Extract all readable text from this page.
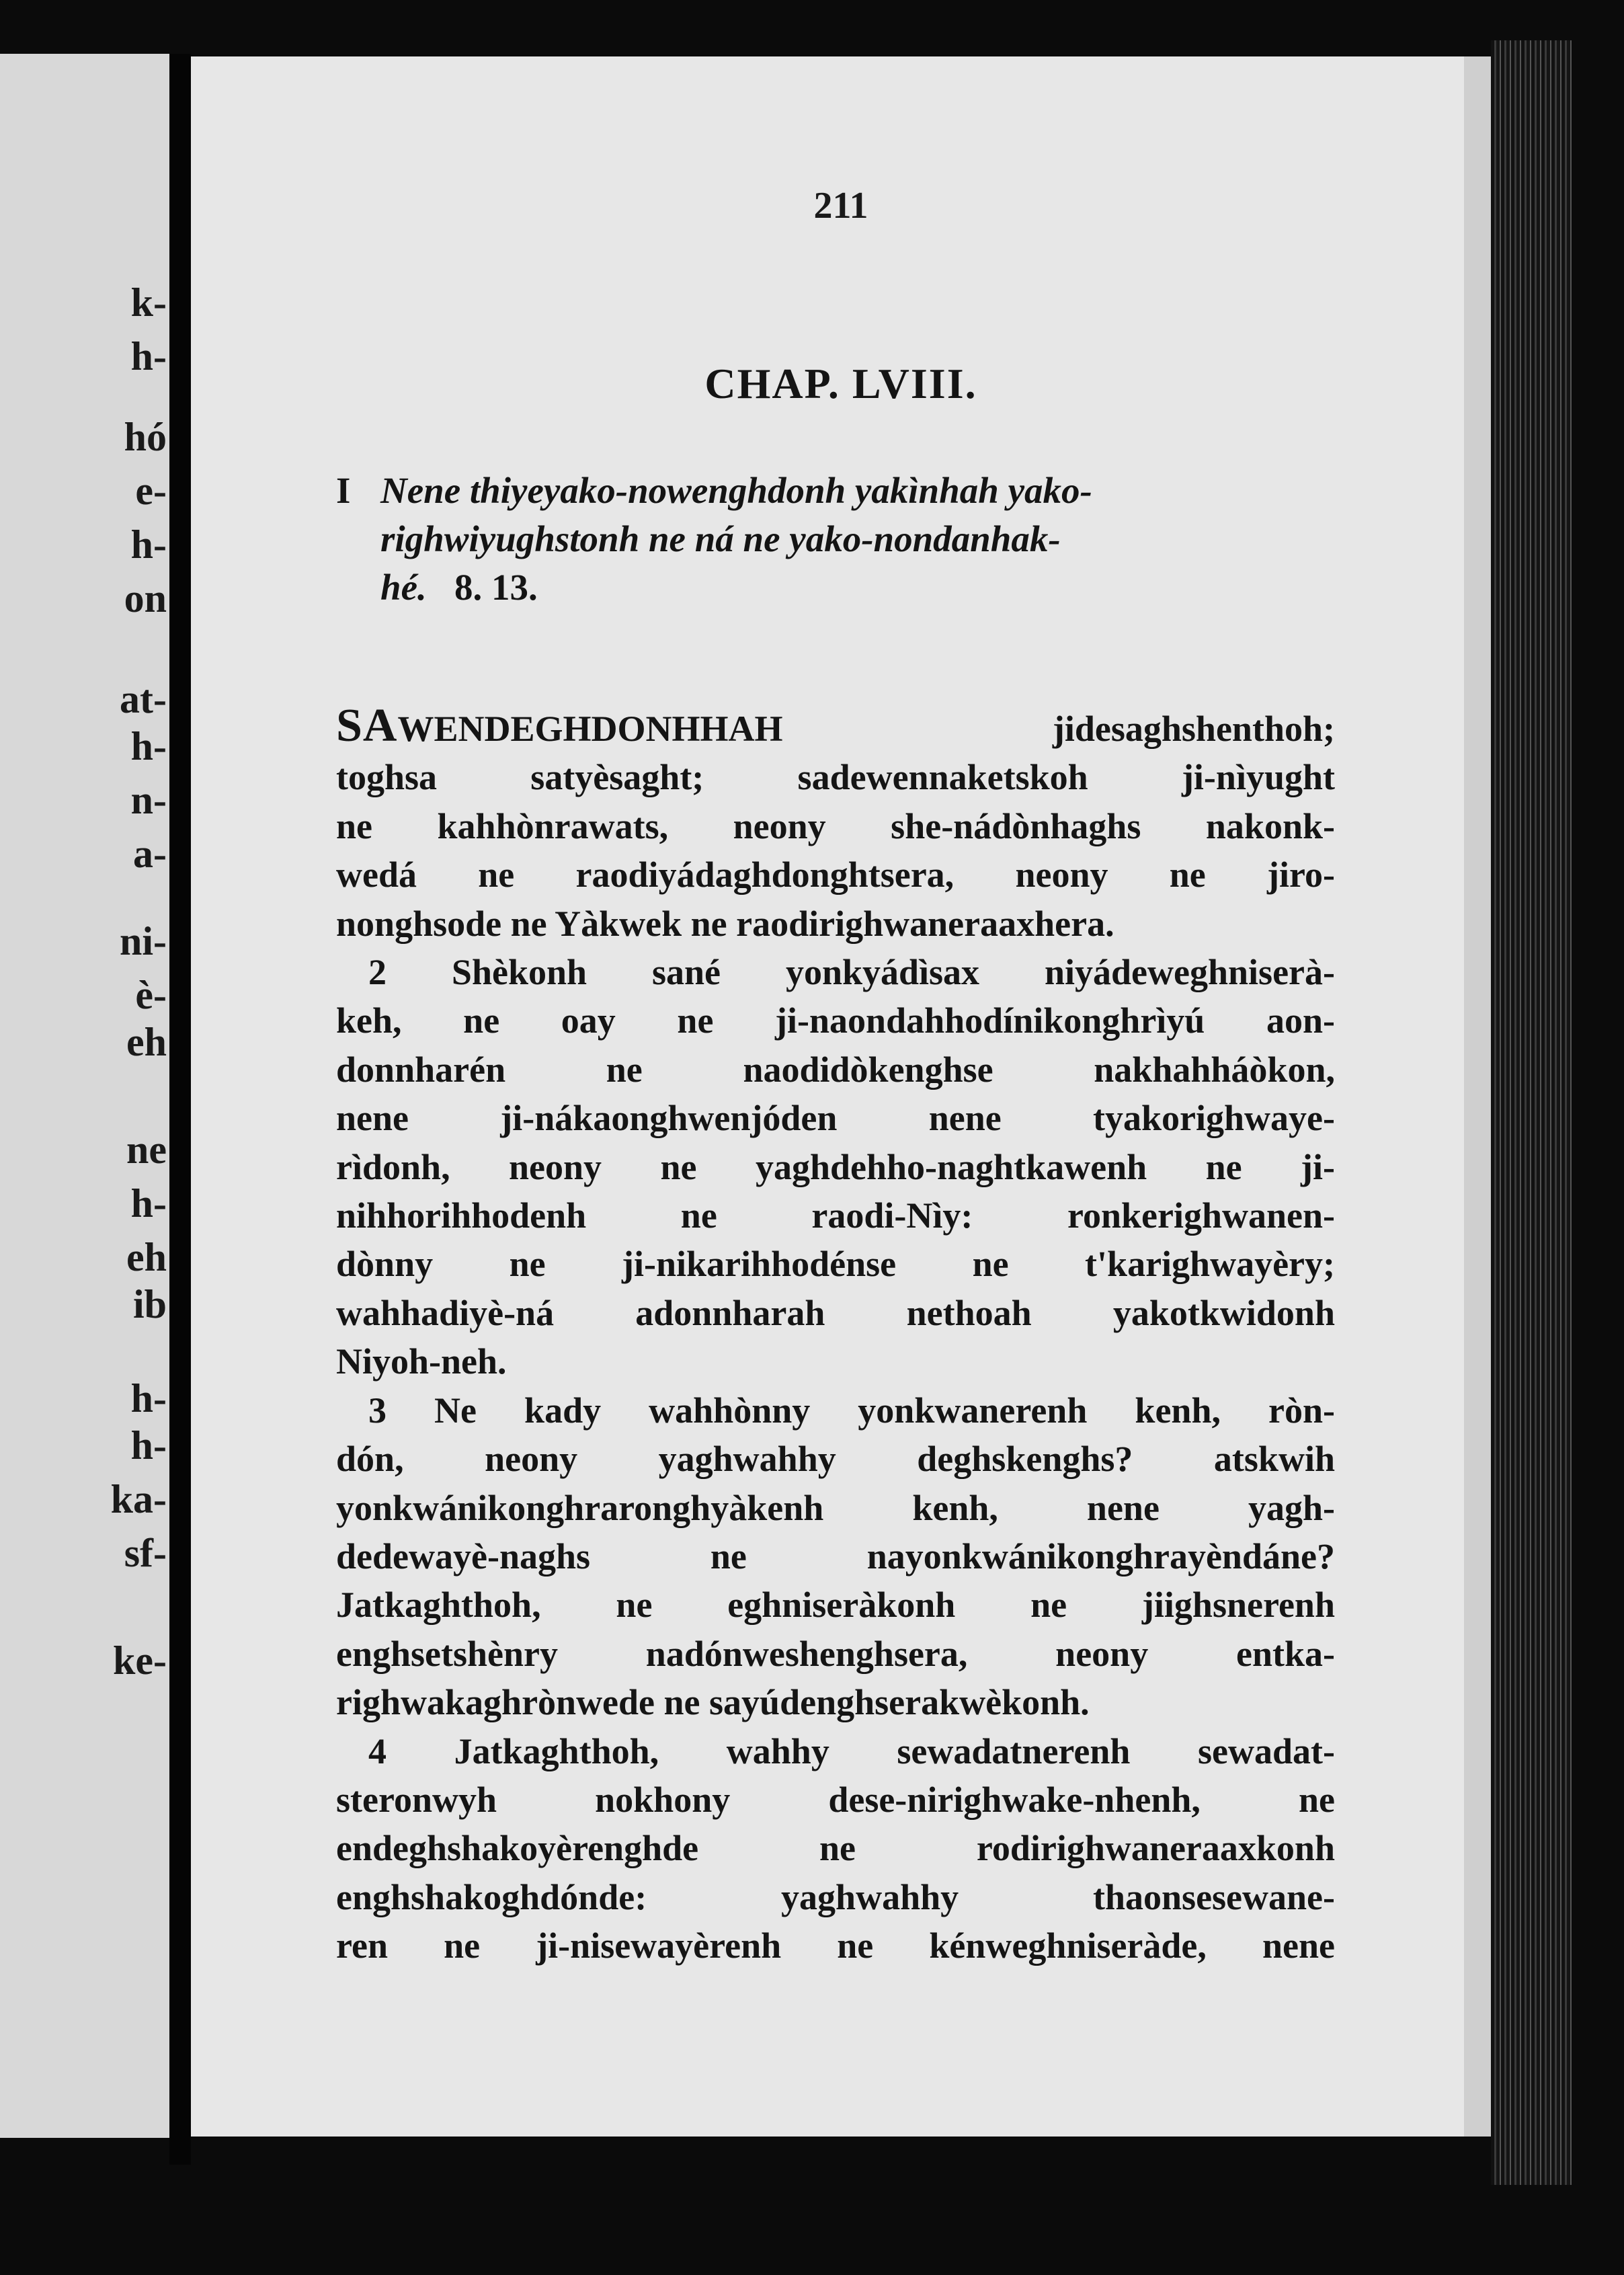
k-
h-
hó
e-
h-
on
at-
h-
n-
a-
ni-
è-
eh
ne
h-
eh
ib
h-
h-
ka-
sf-
ke-
211
CHAP. LVIII.
I Nene thiyeyako-nowenghdonh yakìnhah yako-
righwiyughstonh ne ná ne yako-nondanhak-
hé. 8. 13.
SAWENDEGHDONHHAH jidesaghshenthoh;
toghsa satyèsaght; sadewennaketskoh ji-nìyught
ne kahhònrawats, neony she-nádònhaghs nakonk-
wedá ne raodiyádaghdonghtsera, neony ne jiro-
nonghsode ne Yàkwek ne raodirighwaneraaxhera.
2 Shèkonh sané yonkyádìsax niyádeweghniserà-
keh, ne oay ne ji-naondahhodínikonghrìyú aon-
donnharén ne naodidòkenghse nakhahháòkon,
nene ji-nákaonghwenjóden nene tyakorighwaye-
rìdonh, neony ne yaghdehho-naghtkawenh ne ji-
nihhorihhodenh ne raodi-Nìy: ronkerighwanen-
dònny ne ji-nikarihhodénse ne t'karighwayèry;
wahhadiyè-ná adonnharah nethoah yakotkwidonh
Niyoh-neh.
3 Ne kady wahhònny yonkwanerenh kenh, ròn-
dón, neony yaghwahhy deghskenghs? atskwih
yonkwánikonghraronghyàkenh kenh, nene yagh-
dedewayè-naghs ne nayonkwánikonghrayèndáne?
Jatkaghthoh, ne eghniseràkonh ne jiighsnerenh
enghsetshènry nadónweshenghsera, neony entka-
righwakaghrònwede ne sayúdenghserakwèkonh.
4 Jatkaghthoh, wahhy sewadatnerenh sewadat-
steronwyh nokhony dese-nirighwake-nhenh, ne
endeghshakoyèrenghde ne rodirighwaneraaxkonh
enghshakoghdónde: yaghwahhy thaonsesewane-
ren ne ji-nisewayèrenh ne kénweghniseràde, nene
